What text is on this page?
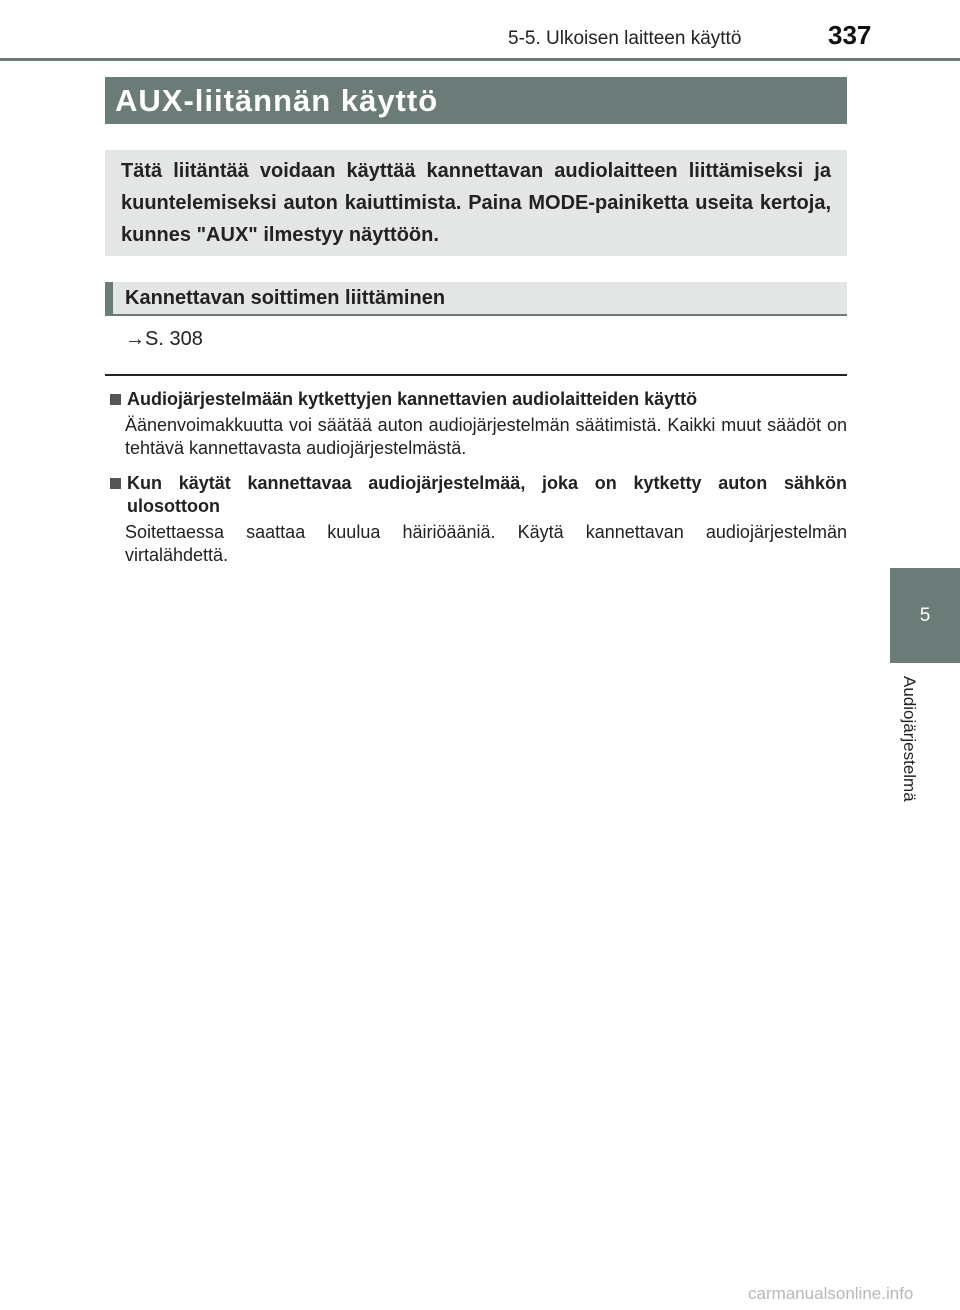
5-5. Ulkoisen laitteen käyttö	337
5
Audiojärjestelmä
AUX-liitännän käyttö

Tätä liitäntää voidaan käyttää kannettavan audiolaitteen liittämiseksi ja kuuntelemiseksi auton kaiuttimista. Paina MODE-painiketta useita kertoja, kunnes "AUX" ilmestyy näyttöön.

Kannettavan soittimen liittäminen
→S. 308
Audiojärjestelmään kytkettyjen kannettavien audiolaitteiden käyttö
Äänenvoimakkuutta voi säätää auton audiojärjestelmän säätimistä. Kaikki muut säädöt on tehtävä kannettavasta audiojärjestelmästä.
Kun käytät kannettavaa audiojärjestelmää, joka on kytketty auton sähkön ulosottoon
Soitettaessa saattaa kuulua häiriöääniä. Käytä kannettavan audiojärjestelmän virtalähdettä.
carmanualsonline.info
